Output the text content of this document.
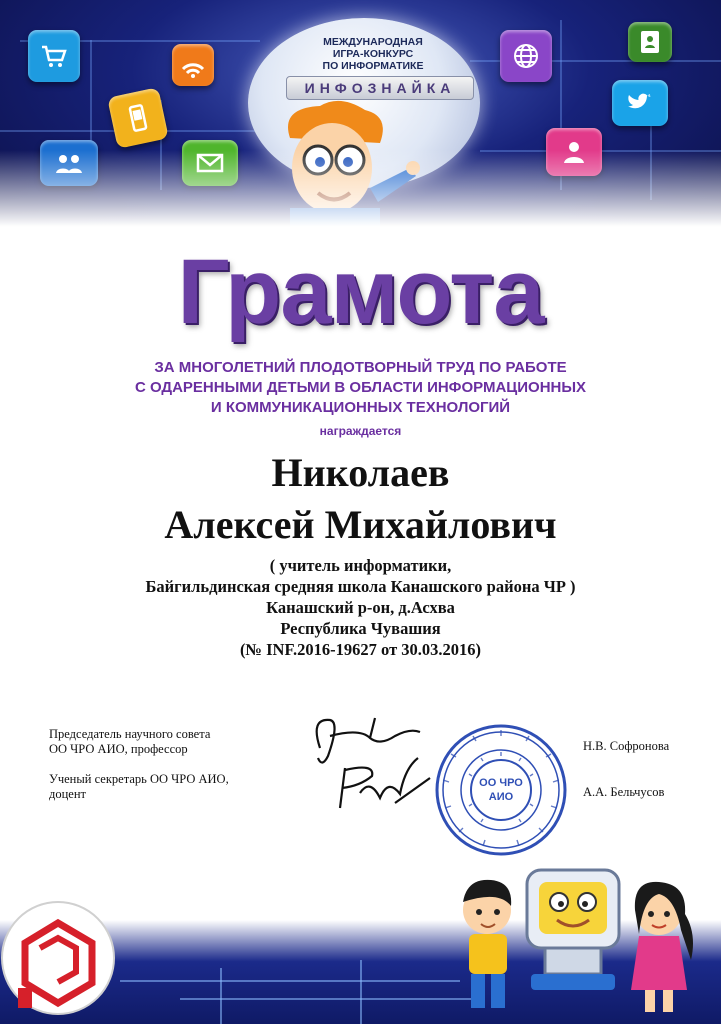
МЕЖДУНАРОДНАЯ
ИГРА-КОНКУРС
ПО ИНФОРМАТИКЕ
ИНФОЗНАЙКА
Грамота
ЗА МНОГОЛЕТНИЙ ПЛОДОТВОРНЫЙ ТРУД ПО РАБОТЕ
С ОДАРЕННЫМИ ДЕТЬМИ В ОБЛАСТИ ИНФОРМАЦИОННЫХ
И КОММУНИКАЦИОННЫХ ТЕХНОЛОГИЙ
награждается
Николаев
Алексей Михайлович
( учитель информатики,
Байгильдинская средняя школа Канашского района ЧР )
Канашский р-он, д.Асхва
Республика Чувашия
(№ INF.2016-19627 от 30.03.2016)
Председатель научного совета
ОО ЧРО АИО, профессор
Ученый секретарь ОО ЧРО АИО,
доцент
Н.В. Софронова
А.А. Бельчусов
ОО ЧРО
АИО
